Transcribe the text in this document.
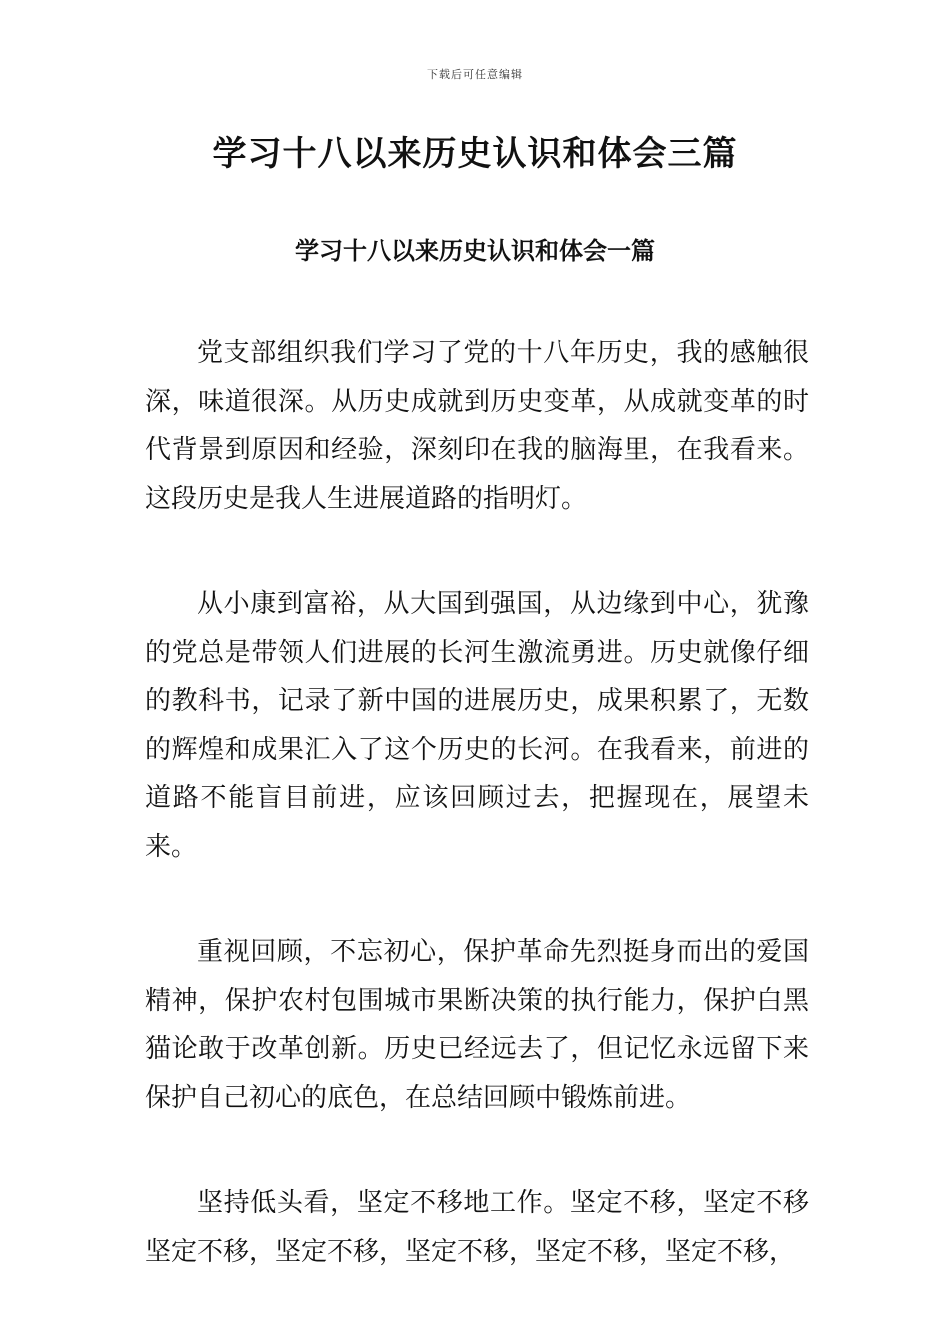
下载后可任意编辑
学习十八以来历史认识和体会三篇
学习十八以来历史认识和体会一篇

党支部组织我们学习了党的十八年历史，我的感触很深，味道很深。从历史成就到历史变革，从成就变革的时代背景到原因和经验，深刻印在我的脑海里，在我看来。这段历史是我人生进展道路的指明灯。

从小康到富裕，从大国到强国，从边缘到中心，犹豫的党总是带领人们进展的长河生激流勇进。历史就像仔细的教科书，记录了新中国的进展历史，成果积累了，无数的辉煌和成果汇入了这个历史的长河。在我看来，前进的道路不能盲目前进，应该回顾过去，把握现在，展望未来。

重视回顾，不忘初心，保护革命先烈挺身而出的爱国精神，保护农村包围城市果断决策的执行能力，保护白黑猫论敢于改革创新。历史已经远去了，但记忆永远留下来保护自己初心的底色，在总结回顾中锻炼前进。

坚持低头看，坚定不移地工作。坚定不移，坚定不移坚定不移，坚定不移，坚定不移，坚定不移，坚定不移，
